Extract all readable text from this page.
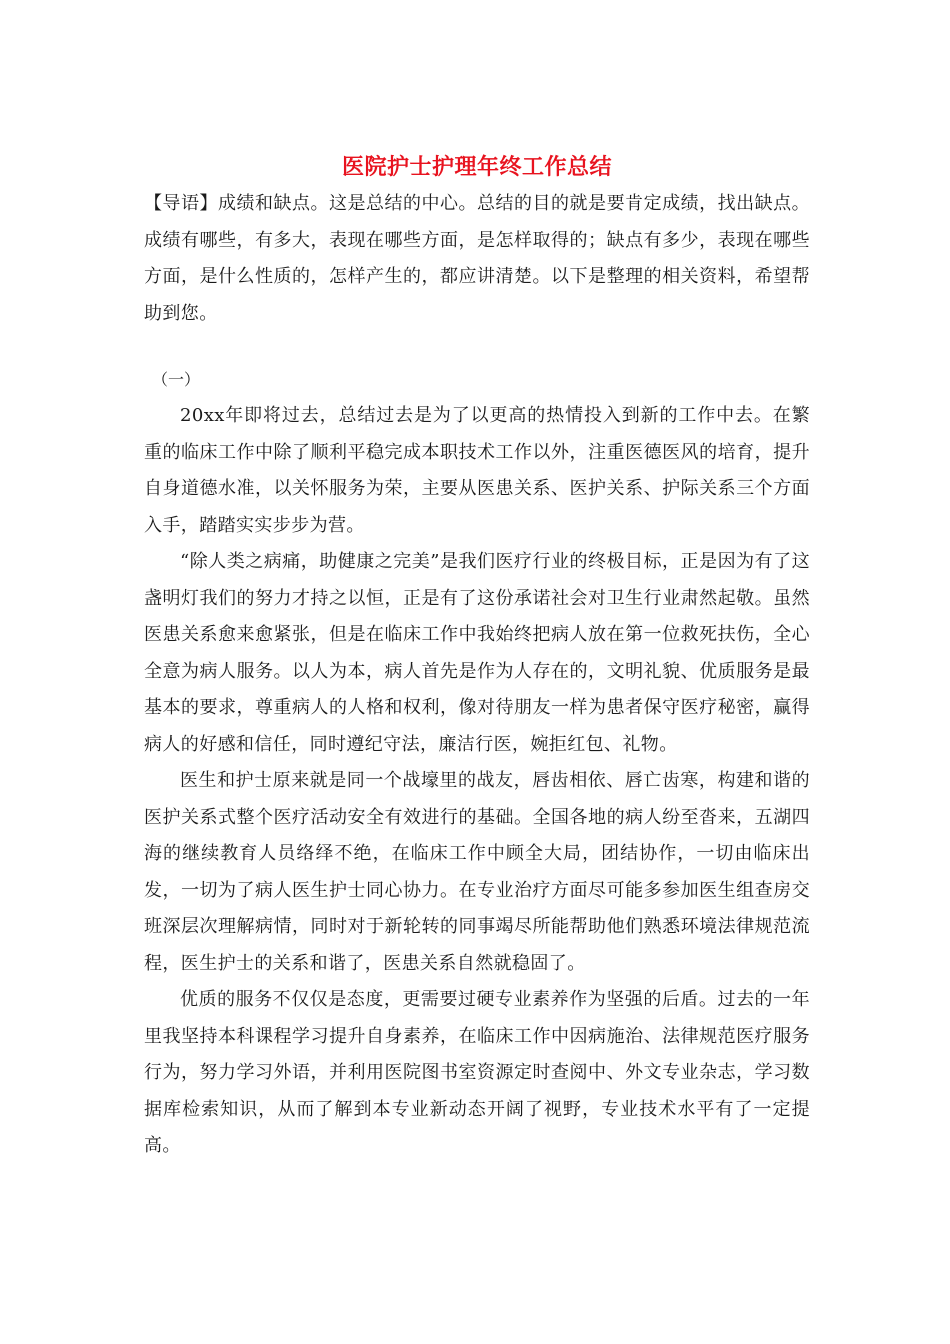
医院护士护理年终工作总结

【导语】成绩和缺点。这是总结的中心。总结的目的就是要肯定成绩，找出缺点。成绩有哪些，有多大，表现在哪些方面，是怎样取得的；缺点有多少，表现在哪些方面，是什么性质的，怎样产生的，都应讲清楚。以下是整理的相关资料，希望帮助到您。

（一）

20xx年即将过去，总结过去是为了以更高的热情投入到新的工作中去。在繁重的临床工作中除了顺利平稳完成本职技术工作以外，注重医德医风的培育，提升自身道德水准，以关怀服务为荣，主要从医患关系、医护关系、护际关系三个方面入手，踏踏实实步步为营。

“除人类之病痛，助健康之完美”是我们医疗行业的终极目标，正是因为有了这盏明灯我们的努力才持之以恒，正是有了这份承诺社会对卫生行业肃然起敬。虽然医患关系愈来愈紧张，但是在临床工作中我始终把病人放在第一位救死扶伤，全心全意为病人服务。以人为本，病人首先是作为人存在的，文明礼貌、优质服务是最基本的要求，尊重病人的人格和权利，像对待朋友一样为患者保守医疗秘密，赢得病人的好感和信任，同时遵纪守法，廉洁行医，婉拒红包、礼物。

医生和护士原来就是同一个战壕里的战友，唇齿相依、唇亡齿寒，构建和谐的医护关系式整个医疗活动安全有效进行的基础。全国各地的病人纷至沓来，五湖四海的继续教育人员络绎不绝，在临床工作中顾全大局，团结协作，一切由临床出发，一切为了病人医生护士同心协力。在专业治疗方面尽可能多参加医生组查房交班深层次理解病情，同时对于新轮转的同事竭尽所能帮助他们熟悉环境法律规范流程，医生护士的关系和谐了，医患关系自然就稳固了。

优质的服务不仅仅是态度，更需要过硬专业素养作为坚强的后盾。过去的一年里我坚持本科课程学习提升自身素养，在临床工作中因病施治、法律规范医疗服务行为，努力学习外语，并利用医院图书室资源定时查阅中、外文专业杂志，学习数据库检索知识，从而了解到本专业新动态开阔了视野，专业技术水平有了一定提高。
